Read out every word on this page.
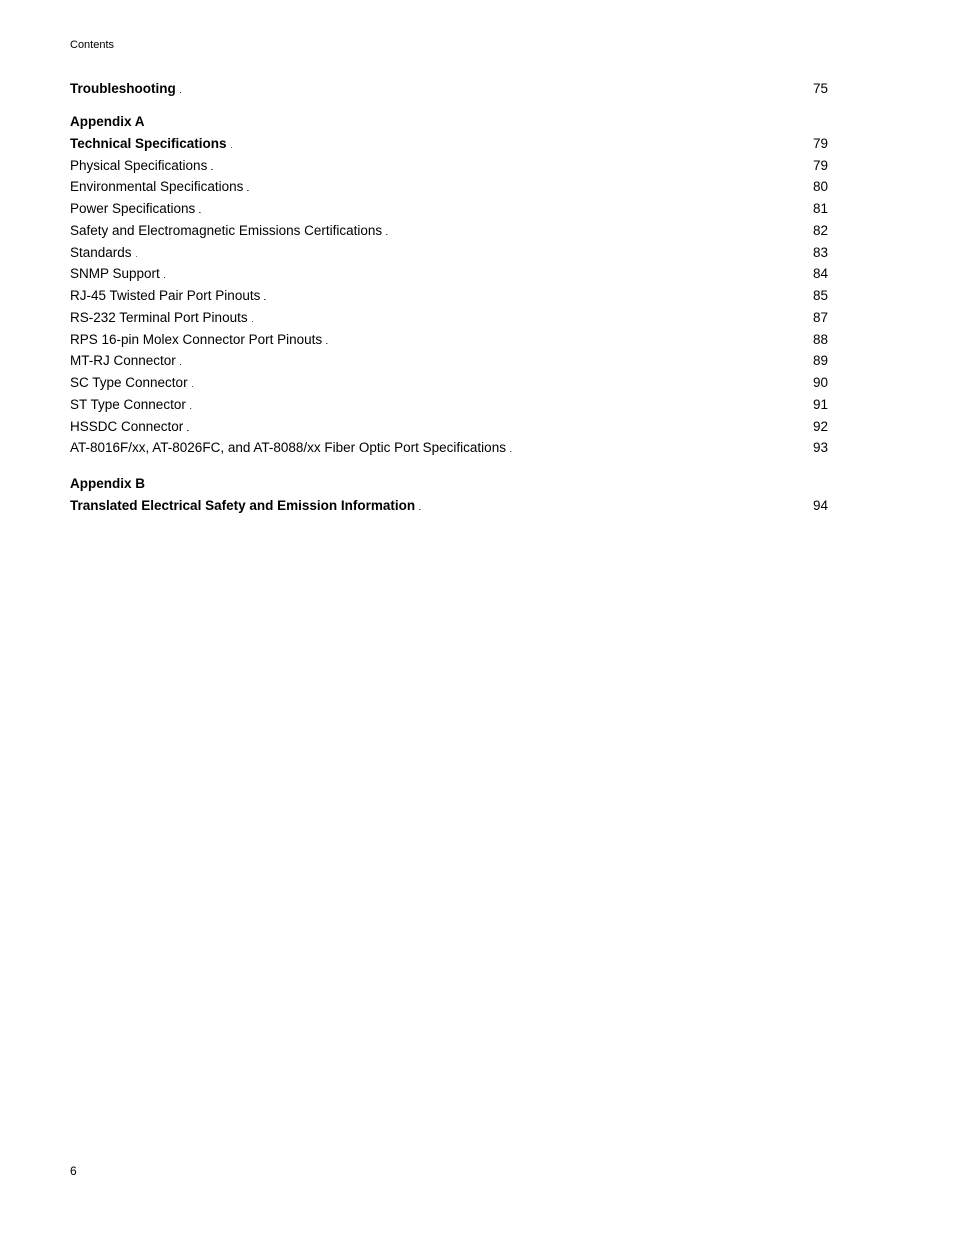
Contents
Troubleshooting . . .	75
Appendix A
Technical Specifications . . .	79
Physical Specifications . . .	79
Environmental Specifications . . .	80
Power Specifications . . .	81
Safety and Electromagnetic Emissions Certifications . . .	82
Standards . . .	83
SNMP Support . . .	84
RJ-45 Twisted Pair Port Pinouts . . .	85
RS-232 Terminal Port Pinouts . . .	87
RPS 16-pin Molex Connector Port Pinouts . . .	88
MT-RJ Connector . . .	89
SC Type Connector . . .	90
ST Type Connector . . .	91
HSSDC Connector . . .	92
AT-8016F/xx, AT-8026FC, and AT-8088/xx Fiber Optic Port Specifications . . .	93
Appendix B
Translated Electrical Safety and Emission Information . . .	94
6
